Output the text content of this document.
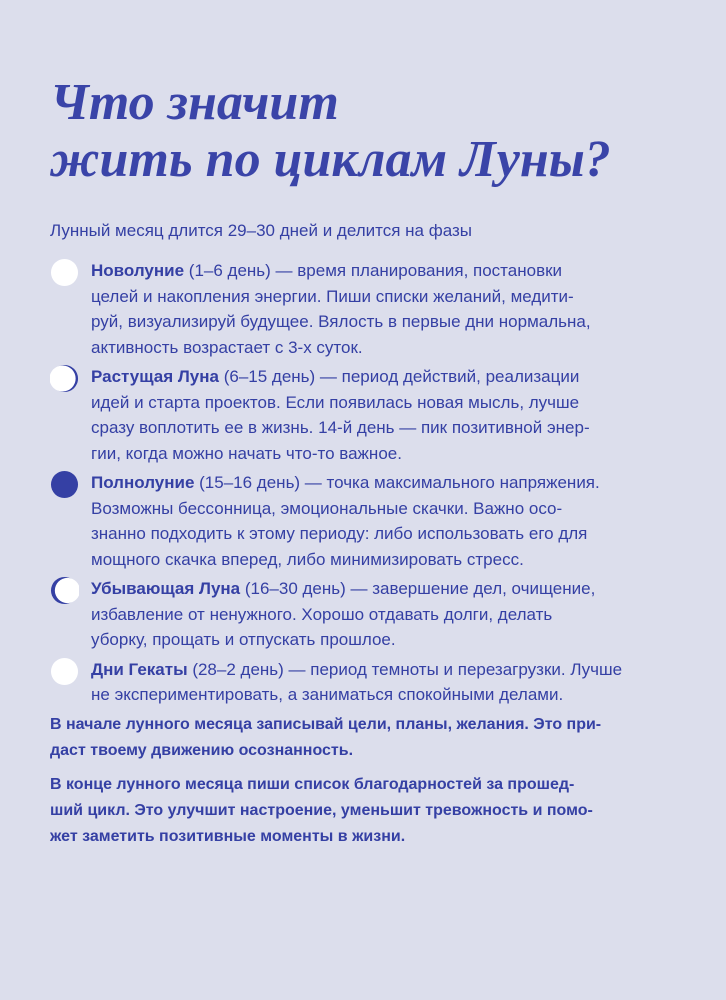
Что значит
жить по циклам Луны?
Лунный месяц длится 29–30 дней и делится на фазы
Новолуние (1–6 день) — время планирования, постановки
целей и накопления энергии. Пиши списки желаний, медити-
руй, визуализируй будущее. Вялость в первые дни нормальна,
активность возрастает с 3-х суток.
Растущая Луна (6–15 день) — период действий, реализации
идей и старта проектов. Если появилась новая мысль, лучше
сразу воплотить ее в жизнь. 14-й день — пик позитивной энер-
гии, когда можно начать что-то важное.
Полнолуние (15–16 день) — точка максимального напряжения.
Возможны бессонница, эмоциональные скачки. Важно осо-
знанно подходить к этому периоду: либо использовать его для
мощного скачка вперед, либо минимизировать стресс.
Убывающая Луна (16–30 день) — завершение дел, очищение,
избавление от ненужного. Хорошо отдавать долги, делать
уборку, прощать и отпускать прошлое.
Дни Гекаты (28–2 день) — период темноты и перезагрузки. Лучше
не экспериментировать, а заниматься спокойными делами.

В начале лунного месяца записывай цели, планы, желания. Это при-
даст твоему движению осознанность.

В конце лунного месяца пиши список благодарностей за прошед-
ший цикл. Это улучшит настроение, уменьшит тревожность и помо-
жет заметить позитивные моменты в жизни.
